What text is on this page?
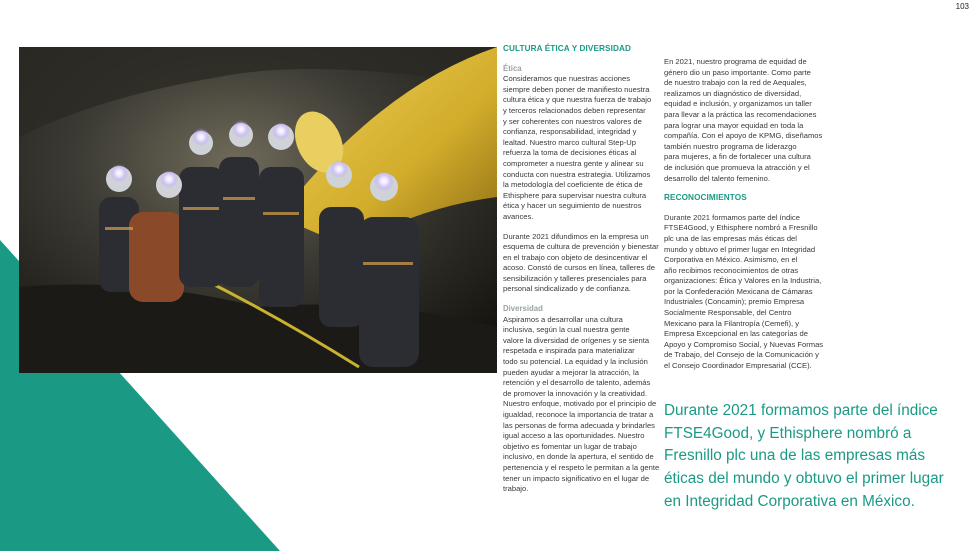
103
CULTURA ÉTICA Y DIVERSIDAD
Ética

Consideramos que nuestras acciones
siempre deben poner de manifiesto nuestra
cultura ética y que nuestra fuerza de trabajo
y terceros relacionados deben representar
y ser coherentes con nuestros valores de
confianza, responsabilidad, integridad y
lealtad. Nuestro marco cultural Step-Up
refuerza la toma de decisiones éticas al
comprometer a nuestra gente y alinear su
conducta con nuestra estrategia. Utilizamos
la metodología del coeficiente de ética de
Ethisphere para supervisar nuestra cultura
ética y hacer un seguimiento de nuestros
avances.

Durante 2021 difundimos en la empresa un
esquema de cultura de prevención y bienestar
en el trabajo con objeto de desincentivar el
acoso. Constó de cursos en línea, talleres de
sensibilización y talleres presenciales para
personal sindicalizado y de confianza.

Diversidad

Aspiramos a desarrollar una cultura
inclusiva, según la cual nuestra gente
valore la diversidad de orígenes y se sienta
respetada e inspirada para materializar
todo su potencial. La equidad y la inclusión
pueden ayudar a mejorar la atracción, la
retención y el desarrollo de talento, además
de promover la innovación y la creatividad.
Nuestro enfoque, motivado por el principio de
igualdad, reconoce la importancia de tratar a
las personas de forma adecuada y brindarles
igual acceso a las oportunidades. Nuestro
objetivo es fomentar un lugar de trabajo
inclusivo, en donde la apertura, el sentido de
pertenencia y el respeto le permitan a la gente
tener un impacto significativo en el lugar de
trabajo.

En 2021, nuestro programa de equidad de
género dio un paso importante. Como parte
de nuestro trabajo con la red de Aequales,
realizamos un diagnóstico de diversidad,
equidad e inclusión, y organizamos un taller
para llevar a la práctica las recomendaciones
para lograr una mayor equidad en toda la
compañía. Con el apoyo de KPMG, diseñamos
también nuestro programa de liderazgo
para mujeres, a fin de fortalecer una cultura
de inclusión que promueva la atracción y el
desarrollo del talento femenino.

RECONOCIMIENTOS

Durante 2021 formamos parte del índice
FTSE4Good, y Ethisphere nombró a Fresnillo
plc una de las empresas más éticas del
mundo y obtuvo el primer lugar en Integridad
Corporativa en México. Asimismo, en el
año recibimos reconocimientos de otras
organizaciones: Ética y Valores en la Industria,
por la Confederación Mexicana de Cámaras
Industriales (Concamin); premio Empresa
Socialmente Responsable, del Centro
Mexicano para la Filantropía (Cemefi), y
Empresa Excepcional en las categorías de
Apoyo y Compromiso Social, y Nuevas Formas
de Trabajo, del Consejo de la Comunicación y
el Consejo Coordinador Empresarial (CCE).

Durante 2021 formamos parte del índice
FTSE4Good, y Ethisphere nombró a
Fresnillo plc una de las empresas más
éticas del mundo y obtuvo el primer lugar
en Integridad Corporativa en México.
